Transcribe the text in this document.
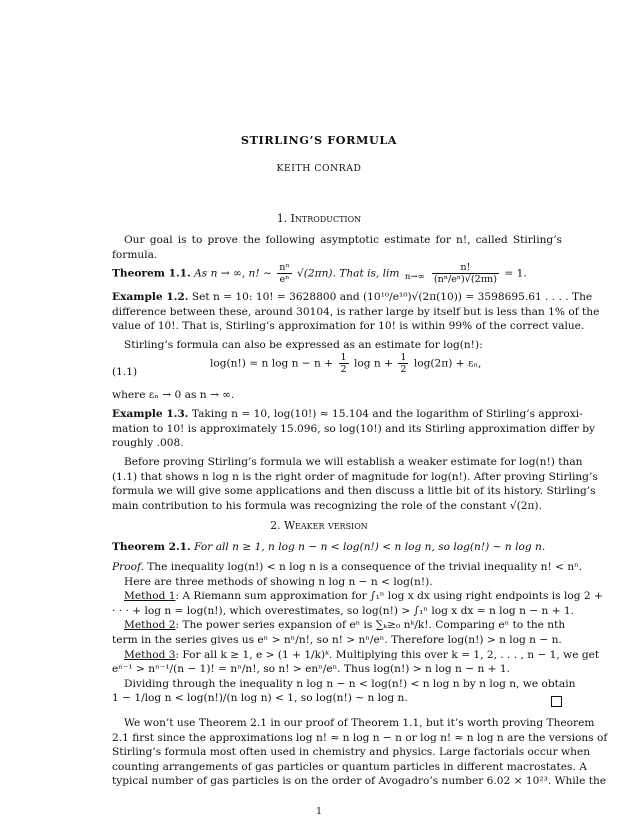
STIRLING’S FORMULA
KEITH CONRAD
1. Introduction
Our goal is to prove the following asymptotic estimate for n!, called Stirling’s formula.
Theorem 1.1. As n → ∞, n! ∼ $\frac{\text{nⁿ}}{\text{eⁿ}} √(2\pi n)$. That is, lim
n→∞
$\frac{n!}{\text{(nⁿ/eⁿ)√(2πn)}} = 1$.
Example 1.2. Set n = 10: 10! = 3628800 and (10¹⁰/e¹⁰)√(2π(10)) = 3598695.61 . . . . The
difference between these, around 30104, is rather large by itself but is less than 1% of the
value of 10!. That is, Stirling’s approximation for 10! is within 99% of the correct value.
Stirling’s formula can also be expressed as an estimate for log(n!):
(1.1)
log(n!) = n $\log n - n + \frac{1}{2}$ $\log n + \frac{1}{2} \log(2\pi) + \varepsilon_n$,
where εₙ → 0 as n → ∞.
Example 1.3. Taking n = 10, log(10!) ≈ 15.104 and the logarithm of Stirling’s approxi-
mation to 10! is approximately 15.096, so log(10!) and its Stirling approximation differ by
roughly .008.
Before proving Stirling’s formula we will establish a weaker estimate for log(n!) than
(1.1) that shows n log n is the right order of magnitude for log(n!). After proving Stirling’s
formula we will give some applications and then discuss a little bit of its history. Stirling’s
main contribution to his formula was recognizing the role of the constant √(2π).
2. Weaker version
Theorem 2.1. For all n ≥ 1, n log n − n < log(n!) < n log n, so log(n!) ∼ n log n.
Proof. The inequality log(n!) < n log n is a consequence of the trivial inequality n! < nⁿ.
Here are three methods of showing n log n − n < log(n!).
Method 1: A Riemann sum approximation for ∫₁ⁿ log x dx using right endpoints is log 2 +
· · · + log n = log(n!), which overestimates, so log(n!) > ∫₁ⁿ log x dx = n log n − n + 1.
Method 2: The power series expansion of eⁿ is ∑ₖ≥₀ nᵏ/k!. Comparing eⁿ to the nth
term in the series gives us eⁿ > nⁿ/n!, so n! > nⁿ/eⁿ. Therefore log(n!) > n log n − n.
Method 3: For all k ≥ 1, e > (1 + 1/k)ᵏ. Multiplying this over k = 1, 2, . . . , n − 1, we get
eⁿ⁻¹ > nⁿ⁻¹/(n − 1)! = nⁿ/n!, so n! > enⁿ/eⁿ. Thus log(n!) > n log n − n + 1.
Dividing through the inequality n log n − n < log(n!) < n log n by n log n, we obtain
1 − 1/log n < log(n!)/(n log n) < 1, so log(n!) ∼ n log n.
We won’t use Theorem 2.1 in our proof of Theorem 1.1, but it’s worth proving Theorem
2.1 first since the approximations log n! ≈ n log n − n or log n! ≈ n log n are the versions of
Stirling’s formula most often used in chemistry and physics. Large factorials occur when
counting arrangements of gas particles or quantum particles in different macrostates. A
typical number of gas particles is on the order of Avogadro’s number 6.02 × 10²³. While the
1
